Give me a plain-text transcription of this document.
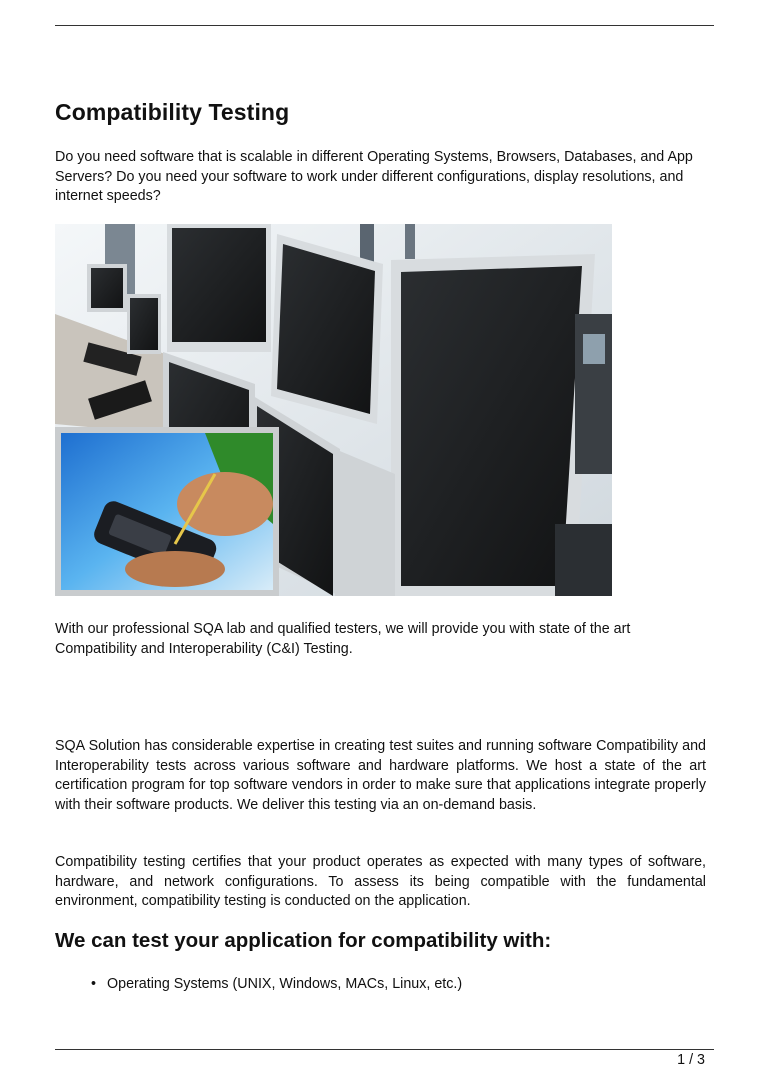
Compatibility Testing

Do you need software that is scalable in different Operating Systems, Browsers, Databases, and App Servers? Do you need your software to work under different configurations, display resolutions, and internet speeds?

With our professional SQA lab and qualified testers, we will provide you with state of the art Compatibility and Interoperability (C&I) Testing.

SQA Solution has considerable expertise in creating test suites and running software Compatibility and Interoperability tests across various software and hardware platforms. We host a state of the art certification program for top software vendors in order to make sure that applications integrate properly with their software products. We deliver this testing via an on-demand basis.

Compatibility testing certifies that your product operates as expected with many types of software, hardware, and network configurations. To assess its being compatible with the fundamental environment, compatibility testing is conducted on the application.

We can test your application for compatibility with:
• Operating Systems (UNIX, Windows, MACs, Linux, etc.)
1 / 3
